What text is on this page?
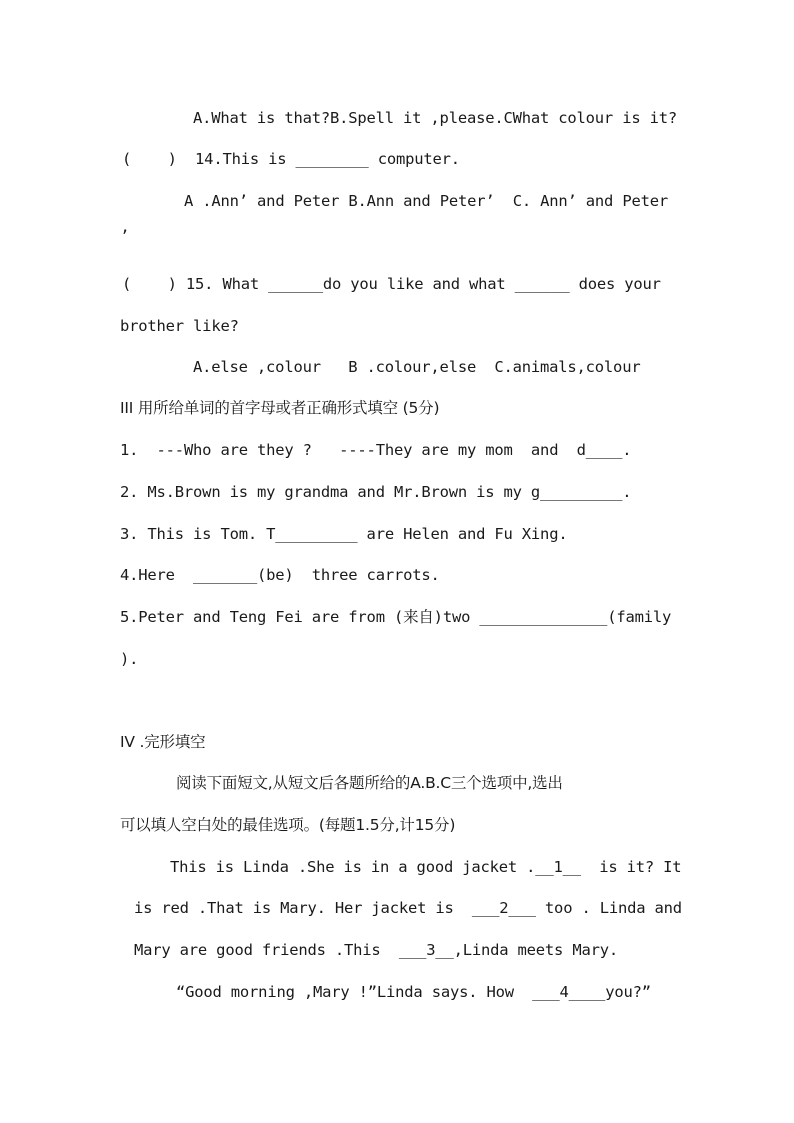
A.What is that?B.Spell it ,please.CWhat colour is it?
(    )  14.This is ________ computer.
A .Ann’ and Peter B.Ann and Peter’  C. Ann’ and Peter
’
(    ) 15. What ______do you like and what ______ does your
brother like?
A.else ,colour   B .colour,else  C.animals,colour
III 用所给单词的首字母或者正确形式填空 (5分)
1.  ---Who are they ?   ----They are my mom  and  d____.
2. Ms.Brown is my grandma and Mr.Brown is my g_________.
3. This is Tom. T_________ are Helen and Fu Xing.
4.Here  _______(be)  three carrots.
5.Peter and Teng Fei are from (来自)two ______________(family
).
IV .完形填空
阅读下面短文,从短文后各题所给的A.B.C三个选项中,选出
可以填人空白处的最佳选项。(每题1.5分,计15分)
This is Linda .She is in a good jacket .__1__  is it? It
is red .That is Mary. Her jacket is  ___2___ too . Linda and
Mary are good friends .This  ___3__,Linda meets Mary.
“Good morning ,Mary !”Linda says. How  ___4____you?”
